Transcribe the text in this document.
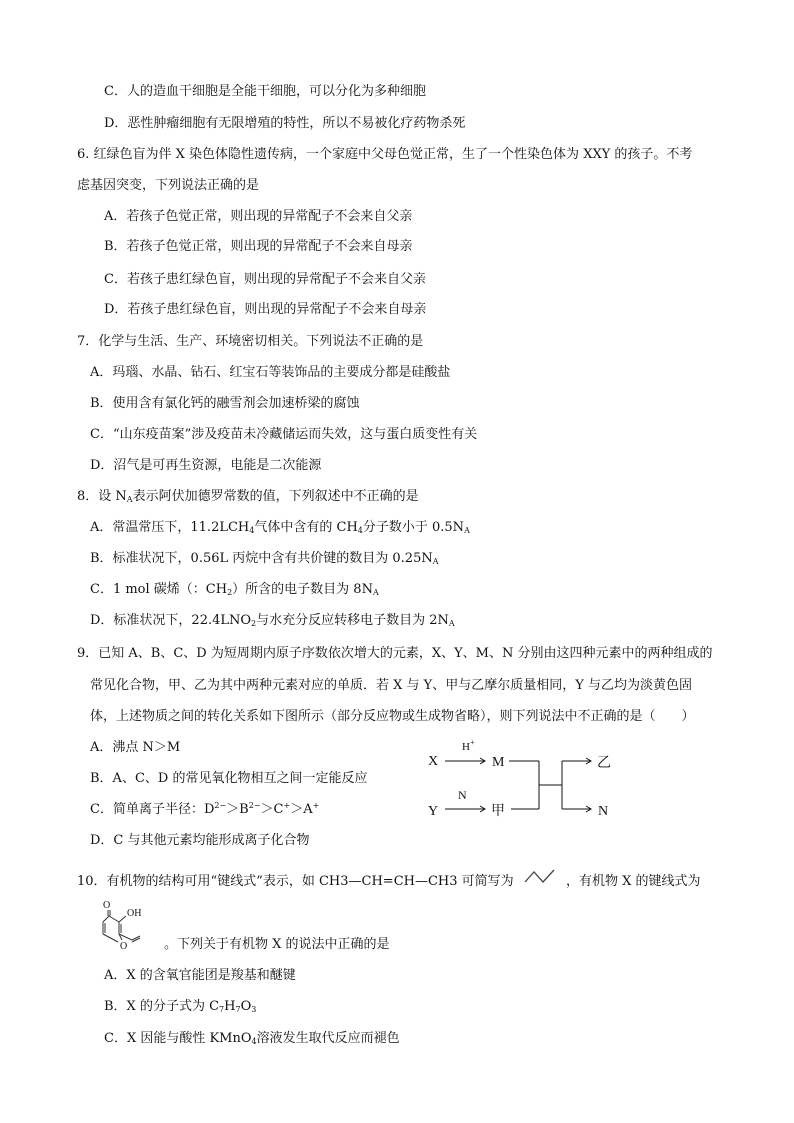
C．人的造血干细胞是全能干细胞，可以分化为多种细胞
D．恶性肿瘤细胞有无限增殖的特性，所以不易被化疗药物杀死
6. 红绿色盲为伴 X 染色体隐性遗传病，一个家庭中父母色觉正常，生了一个性染色体为 XXY 的孩子。不考
虑基因突变，下列说法正确的是
A．若孩子色觉正常，则出现的异常配子不会来自父亲
B．若孩子色觉正常，则出现的异常配子不会来自母亲
C．若孩子患红绿色盲，则出现的异常配子不会来自父亲
D．若孩子患红绿色盲，则出现的异常配子不会来自母亲
7．化学与生活、生产、环境密切相关。下列说法不正确的是
A．玛瑙、水晶、钻石、红宝石等装饰品的主要成分都是硅酸盐
B．使用含有氯化钙的融雪剂会加速桥梁的腐蚀
C．“山东疫苗案”涉及疫苗未冷藏储运而失效，这与蛋白质变性有关
D．沼气是可再生资源，电能是二次能源
8．设 $N_A$表示阿伏加德罗常数的值，下列叙述中不正确的是
A．常温常压下，$11.2LCH_4$气体中含有的 $CH_4$分子数小于 $0.5N_A$
B．标准状况下，0.56L 丙烷中含有共价键的数目为 $0.25N_A$
C．1 mol 碳烯（：$CH_2$）所含的电子数目为 $8N_A$
D．标准状况下，$22.4LNO_2$与水充分反应转移电子数目为 $2N_A$
9．已知 A、B、C、D 为短周期内原子序数依次增大的元素，X、Y、M、N 分别由这四种元素中的两种组成的
常见化合物，甲、乙为其中两种元素对应的单质．若 X 与 Y、甲与乙摩尔质量相同，Y 与乙均为淡黄色固
体，上述物质之间的转化关系如下图所示（部分反应物或生成物省略），则下列说法中不正确的是（　　）
A．沸点 N＞M
B．A、C、D 的常见氧化物相互之间一定能反应
C．简单离子半径：$D^{2-}>B^{2-}>C^+>A^+$
D．C 与其他元素均能形成离子化合物
X
Y
H+
N
M
甲
乙
N
10．有机物的结构可用“键线式”表示，如 CH3—CH=CH—CH3 可简写为	，有机物 X 的键线式为
O
OH
O	。下列关于有机物 X 的说法中正确的是
A．X 的含氧官能团是羧基和醚键
B．X 的分子式为 $C_7H_7O_3$
C．X 因能与酸性 KMnO$_4$溶液发生取代反应而褪色
